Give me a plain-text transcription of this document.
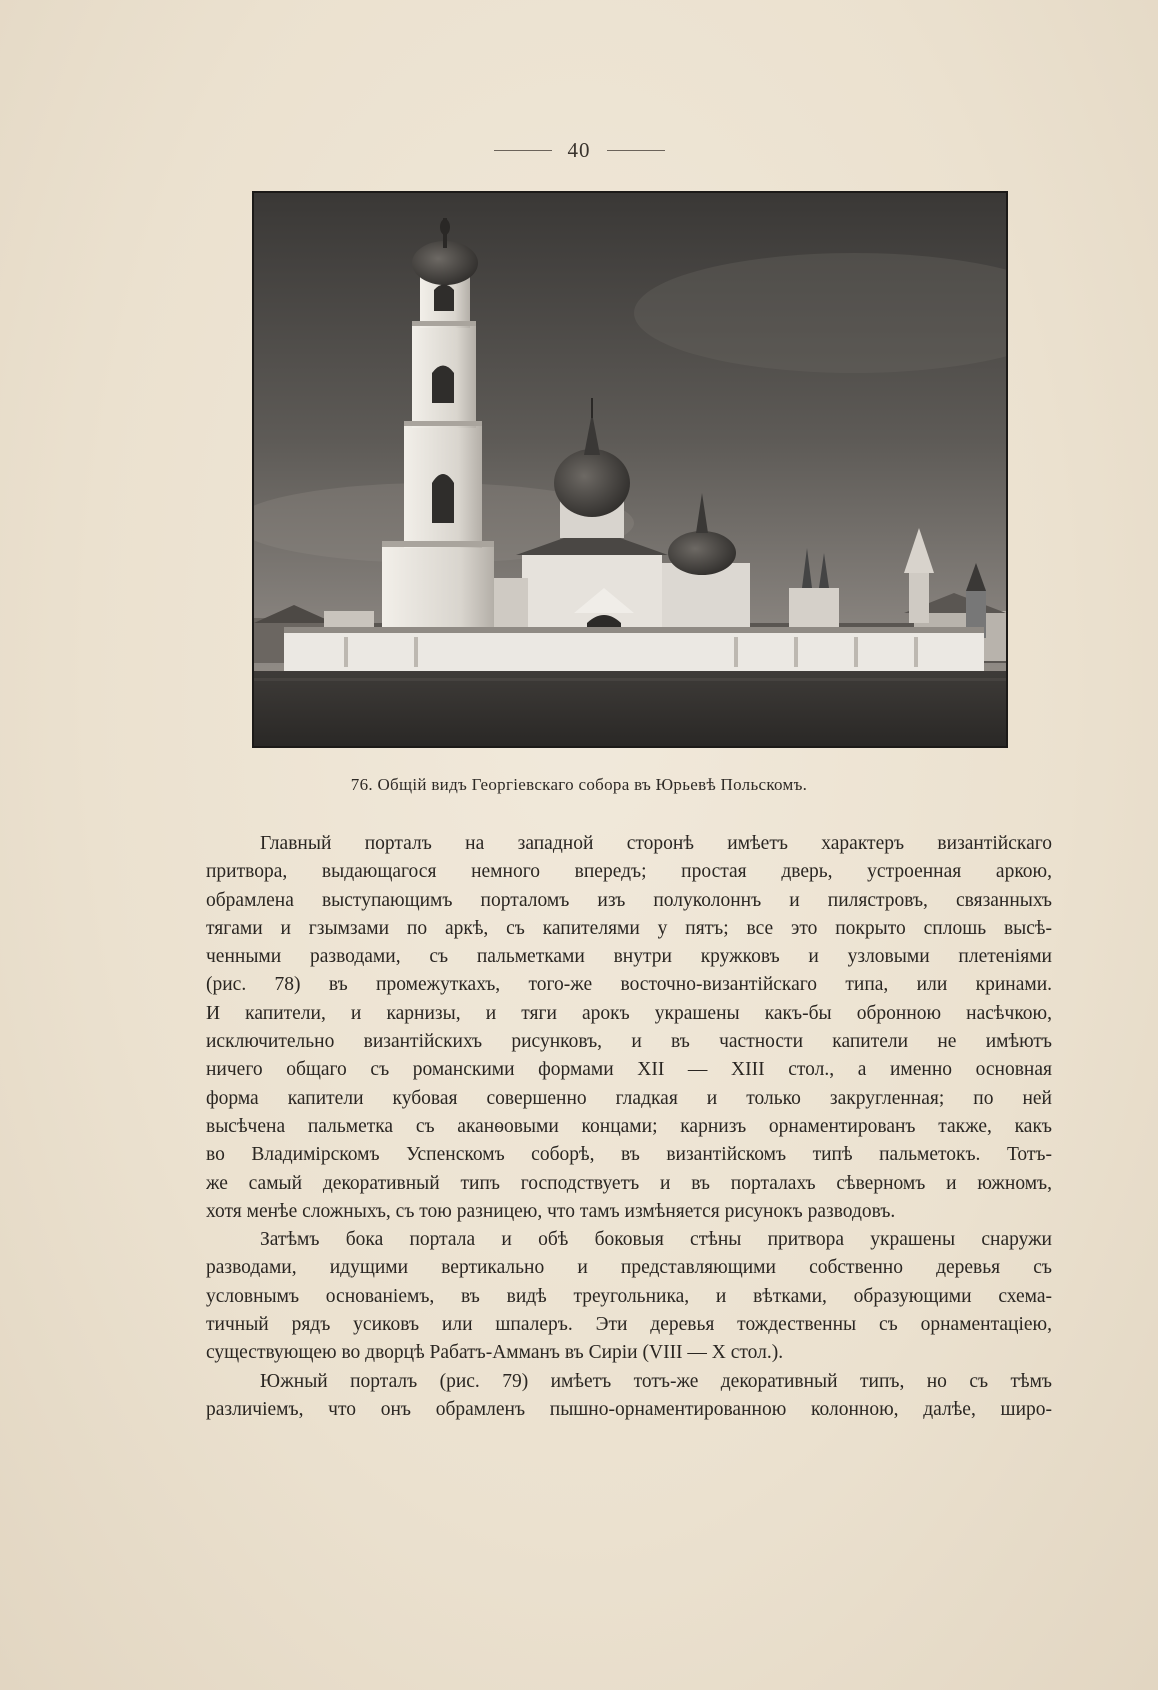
40
76. Общій видъ Георгіевскаго собора въ Юрьевѣ Польскомъ.
Главный порталъ на западной сторонѣ имѣетъ характеръ византійскаго
притвора, выдающагося немного впередъ; простая дверь, устроенная аркою,
обрамлена выступающимъ порталомъ изъ полуколоннъ и пилястровъ, связанныхъ
тягами и гзымзами по аркѣ, съ капителями у пятъ; все это покрыто сплошь высѣ-
ченными разводами, съ пальметками внутри кружковъ и узловыми плетеніями
(рис. 78) въ промежуткахъ, того-же восточно-византійскаго типа, или кринами.
И капители, и карнизы, и тяги арокъ украшены какъ-бы обронною насѣчкою,
исключительно византійскихъ рисунковъ, и въ частности капители не имѣютъ
ничего общаго съ романскими формами XII — XIII стол., а именно основная
форма капители кубовая совершенно гладкая и только закругленная; по ней
высѣчена пальметка съ аканѳовыми концами; карнизъ орнаментированъ также, какъ
во Владимірскомъ Успенскомъ соборѣ, въ византійскомъ типѣ пальметокъ. Тотъ-
же самый декоративный типъ господствуетъ и въ порталахъ сѣверномъ и южномъ,
хотя менѣе сложныхъ, съ тою разницею, что тамъ измѣняется рисунокъ разводовъ.
Затѣмъ бока портала и обѣ боковыя стѣны притвора украшены снаружи
разводами, идущими вертикально и представляющими собственно деревья съ
условнымъ основаніемъ, въ видѣ треугольника, и вѣтками, образующими схема-
тичный рядъ усиковъ или шпалеръ. Эти деревья тождественны съ орнаментаціею,
существующею во дворцѣ Рабатъ-Амманъ въ Сиріи (VIII — X стол.).
Южный порталъ (рис. 79) имѣетъ тотъ-же декоративный типъ, но съ тѣмъ
различіемъ, что онъ обрамленъ пышно-орнаментированною колонною, далѣе, широ-
